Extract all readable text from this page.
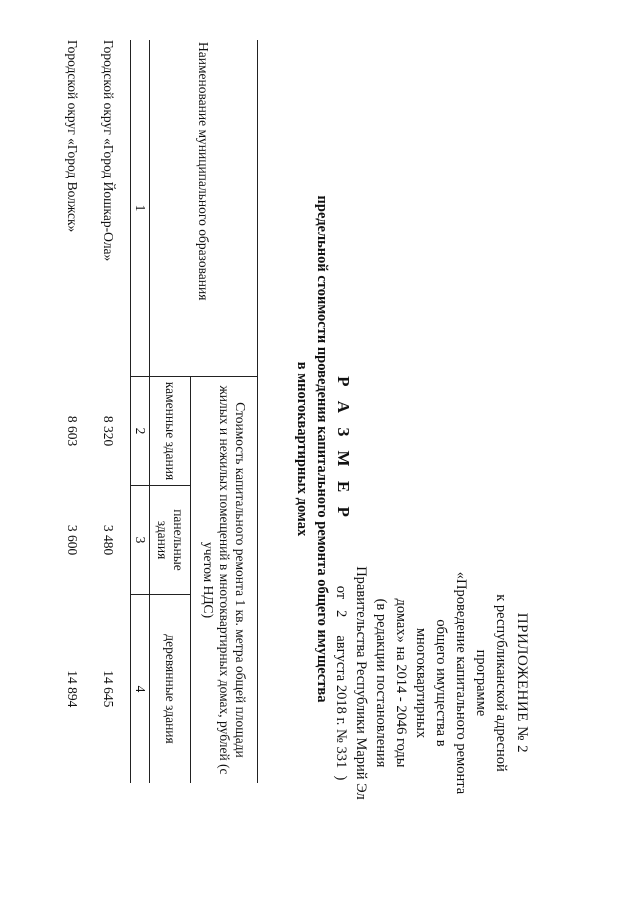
ПРИЛОЖЕНИЕ № 2
к республиканской адресной программе
«Проведение капитального ремонта
общего имущества в многоквартирных
домах» на 2014 - 2046 годы
(в редакции постановления
Правительства Республики Марий Эл
от   2     августа 2018 г. № 331  )
Р А З М Е Р
предельной стоимости проведения капитального ремонта общего имущества
в многоквартирных домах
Наименование муниципального образования	Стоимость капитального ремонта 1 кв. метра общей площади жилых и нежилых помещений в многоквартирных домах, рублей (с учетом НДС)		
	каменные здания	панельные здания	деревянные здания
1	2	3	4
Городской округ «Город Йошкар-Ола»	8 320	3 480	14 645
Городской округ «Город Волжск»	8 603	3 600	14 894
